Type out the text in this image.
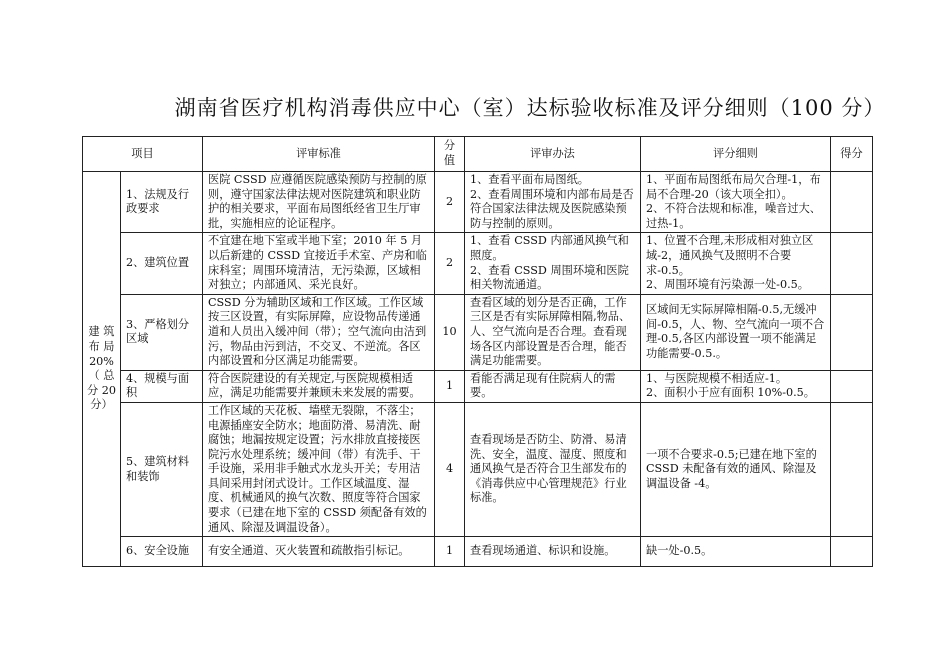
湖南省医疗机构消毒供应中心（室）达标验收标准及评分细则（100 分）
项目		评审标准	分值	评审办法	评分细则	得分
建 筑 布 局 20%（ 总 分 20 分）	1、法规及行政要求	医院 CSSD 应遵循医院感染预防与控制的原则，遵守国家法律法规对医院建筑和职业防护的相关要求，平面布局图纸经省卫生厅审批，实施相应的论证程序。	2	1、查看平面布局图纸。
2、查看周围环境和内部布局是否符合国家法律法规及医院感染预防与控制的原则。	1、平面布局图纸布局欠合理-1，布局不合理-20（该大项全扣）。
2、不符合法规和标准，噪音过大、过热-1。	
	2、建筑位置	不宜建在地下室或半地下室；2010 年 5 月以后新建的 CSSD 宜接近手术室、产房和临床科室；周围环境清洁，无污染源，区域相对独立；内部通风、采光良好。	2	1、查看 CSSD 内部通风换气和照度。
2、查看 CSSD 周围环境和医院相关物流通道。	1、位置不合理,未形成相对独立区域-2，通风换气及照明不合要求-0.5。
2、周围环境有污染源一处-0.5。	
	3、严格划分区域	CSSD 分为辅助区域和工作区域。工作区域按三区设置，有实际屏障，应设物品传递通道和人员出入缓冲间（带）；空气流向由洁到污，物品由污到洁，不交叉、不逆流。各区内部设置和分区满足功能需要。	10	查看区域的划分是否正确，工作三区是否有实际屏障相隔,物品、人、空气流向是否合理。查看现场各区内部设置是否合理，能否满足功能需要。	区域间无实际屏障相隔-0.5,无缓冲间-0.5，人、物、空气流向一项不合理-0.5,各区内部设置一项不能满足功能需要-0.5.。	
	4、规模与面积	符合医院建设的有关规定,与医院规模相适应，满足功能需要并兼顾未来发展的需要。	1	看能否满足现有住院病人的需要。	1、与医院规模不相适应-1。
2、面积小于应有面积 10%-0.5。	
	5、建筑材料和装饰	工作区域的天花板、墙壁无裂隙，不落尘；电源插座安全防水；地面防滑、易清洗、耐腐蚀；地漏按规定设置；污水排放直接接医院污水处理系统；缓冲间（带）有洗手、干手设施，采用非手触式水龙头开关；专用洁具间采用封闭式设计。工作区域温度、湿度、机械通风的换气次数、照度等符合国家要求（已建在地下室的 CSSD 须配备有效的通风、除湿及调温设备）。	4	查看现场是否防尘、防滑、易清洗、安全，温度、湿度、照度和通风换气是否符合卫生部发布的《消毒供应中心管理规范》行业标准。	一项不合要求-0.5;已建在地下室的 CSSD 未配备有效的通风、除湿及调温设备 -4。	
	6、安全设施	有安全通道、灭火装置和疏散指引标记。	1	查看现场通道、标识和设施。	缺一处-0.5。	
